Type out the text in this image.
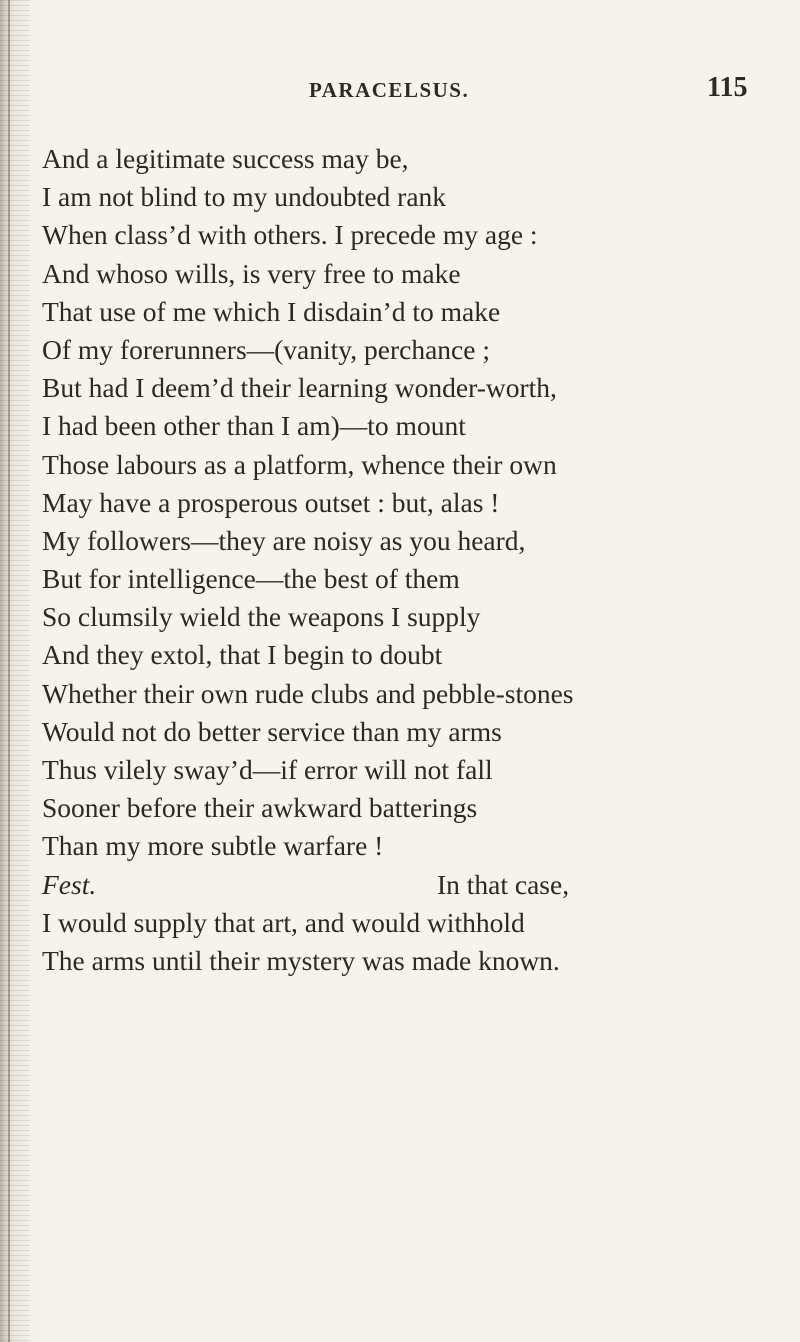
PARACELSUS.	115
And a legitimate success may be,
I am not blind to my undoubted rank
When class’d with others. I precede my age :
And whoso wills, is very free to make
That use of me which I disdain’d to make
Of my forerunners—(vanity, perchance ;
But had I deem’d their learning wonder-worth,
I had been other than I am)—to mount
Those labours as a platform, whence their own
May have a prosperous outset : but, alas !
My followers—they are noisy as you heard,
But for intelligence—the best of them
So clumsily wield the weapons I supply
And they extol, that I begin to doubt
Whether their own rude clubs and pebble-stones
Would not do better service than my arms
Thus vilely sway’d—if error will not fall
Sooner before their awkward batterings
Than my more subtle warfare !
Fest.	In that case,
I would supply that art, and would withhold
The arms until their mystery was made known.
